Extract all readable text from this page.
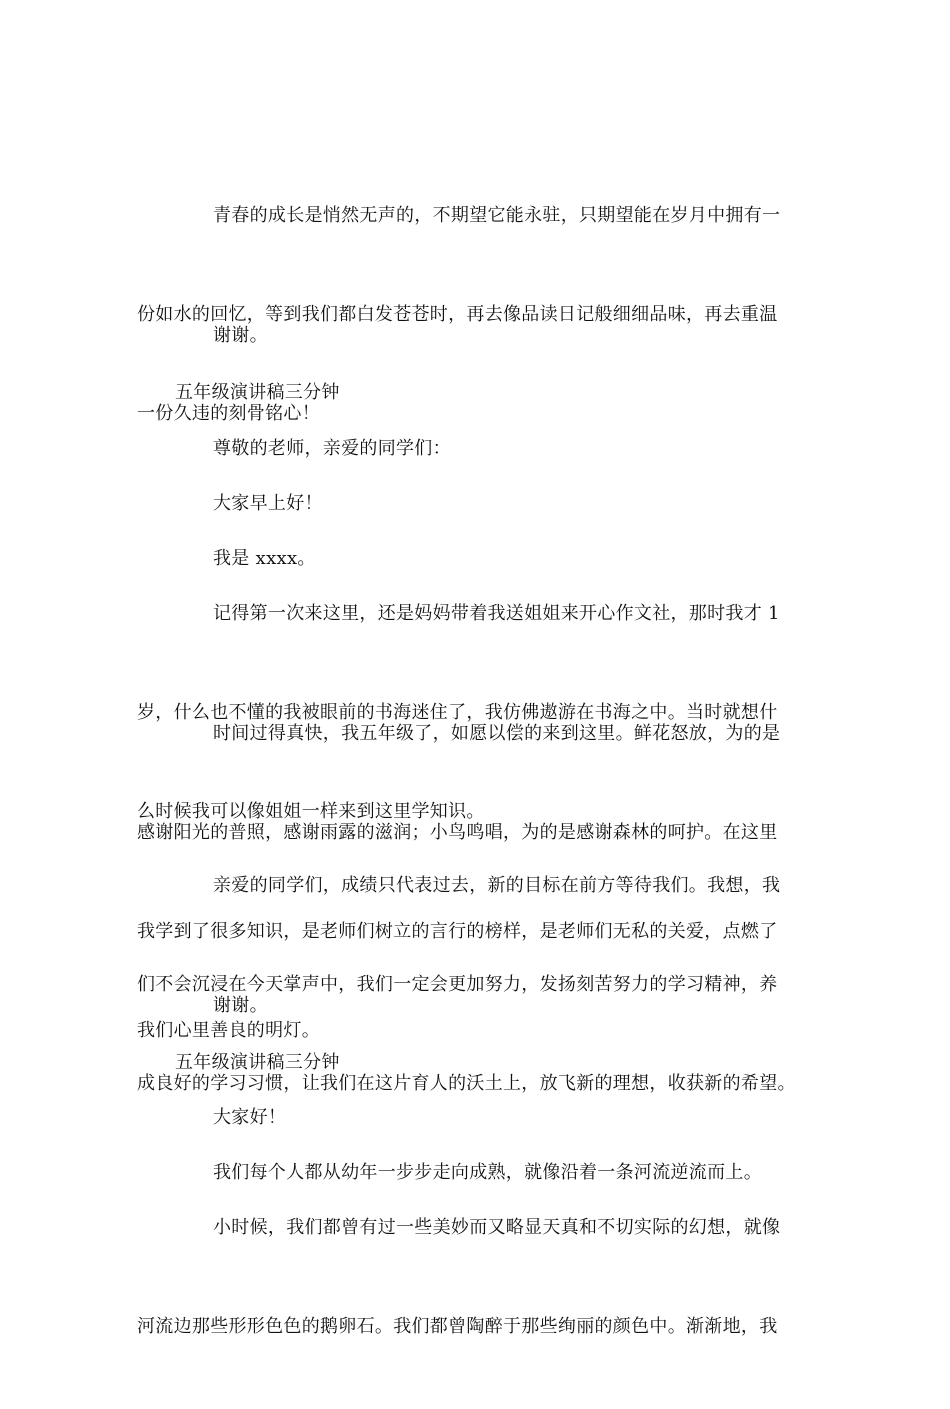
青春的成长是悄然无声的，不期望它能永驻，只期望能在岁月中拥有一

份如水的回忆，等到我们都白发苍苍时，再去像品读日记般细细品味，再去重温

一份久违的刻骨铭心！

谢谢。

五年级演讲稿三分钟

尊敬的老师，亲爱的同学们：

大家早上好！

我是 xxxx。

记得第一次来这里，还是妈妈带着我送姐姐来开心作文社，那时我才 1

岁，什么也不懂的我被眼前的书海迷住了，我仿佛遨游在书海之中。当时就想什

么时候我可以像姐姐一样来到这里学知识。

时间过得真快，我五年级了，如愿以偿的来到这里。鲜花怒放，为的是

感谢阳光的普照，感谢雨露的滋润；小鸟鸣唱，为的是感谢森林的呵护。在这里

我学到了很多知识，是老师们树立的言行的榜样，是老师们无私的关爱，点燃了

我们心里善良的明灯。

亲爱的同学们，成绩只代表过去，新的目标在前方等待我们。我想，我

们不会沉浸在今天掌声中，我们一定会更加努力，发扬刻苦努力的学习精神，养

成良好的学习习惯，让我们在这片育人的沃土上，放飞新的理想，收获新的希望。

谢谢。

五年级演讲稿三分钟

大家好！

我们每个人都从幼年一步步走向成熟，就像沿着一条河流逆流而上。

小时候，我们都曾有过一些美妙而又略显天真和不切实际的幻想，就像

河流边那些形形色色的鹅卵石。我们都曾陶醉于那些绚丽的颜色中。渐渐地，我
